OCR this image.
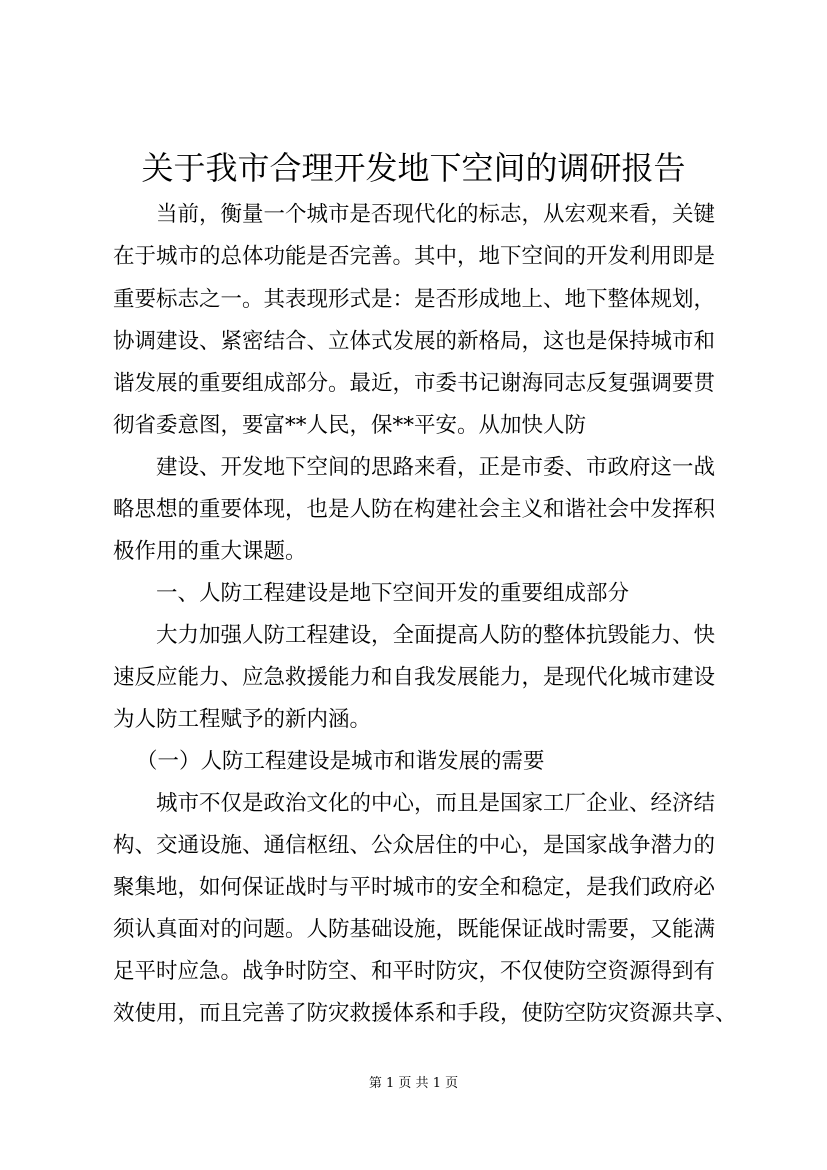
关于我市合理开发地下空间的调研报告

当前，衡量一个城市是否现代化的标志，从宏观来看，关键

在于城市的总体功能是否完善。其中，地下空间的开发利用即是

重要标志之一。其表现形式是：是否形成地上、地下整体规划，

协调建设、紧密结合、立体式发展的新格局，这也是保持城市和

谐发展的重要组成部分。最近，市委书记谢海同志反复强调要贯

彻省委意图，要富**人民，保**平安。从加快人防

建设、开发地下空间的思路来看，正是市委、市政府这一战

略思想的重要体现，也是人防在构建社会主义和谐社会中发挥积

极作用的重大课题。

一、人防工程建设是地下空间开发的重要组成部分

大力加强人防工程建设，全面提高人防的整体抗毁能力、快

速反应能力、应急救援能力和自我发展能力，是现代化城市建设

为人防工程赋予的新内涵。

（一）人防工程建设是城市和谐发展的需要

城市不仅是政治文化的中心，而且是国家工厂企业、经济结

构、交通设施、通信枢纽、公众居住的中心，是国家战争潜力的

聚集地，如何保证战时与平时城市的安全和稳定，是我们政府必

须认真面对的问题。人防基础设施，既能保证战时需要，又能满

足平时应急。战争时防空、和平时防灾，不仅使防空资源得到有

效使用，而且完善了防灾救援体系和手段，使防空防灾资源共享、

第 1 页 共 1 页
